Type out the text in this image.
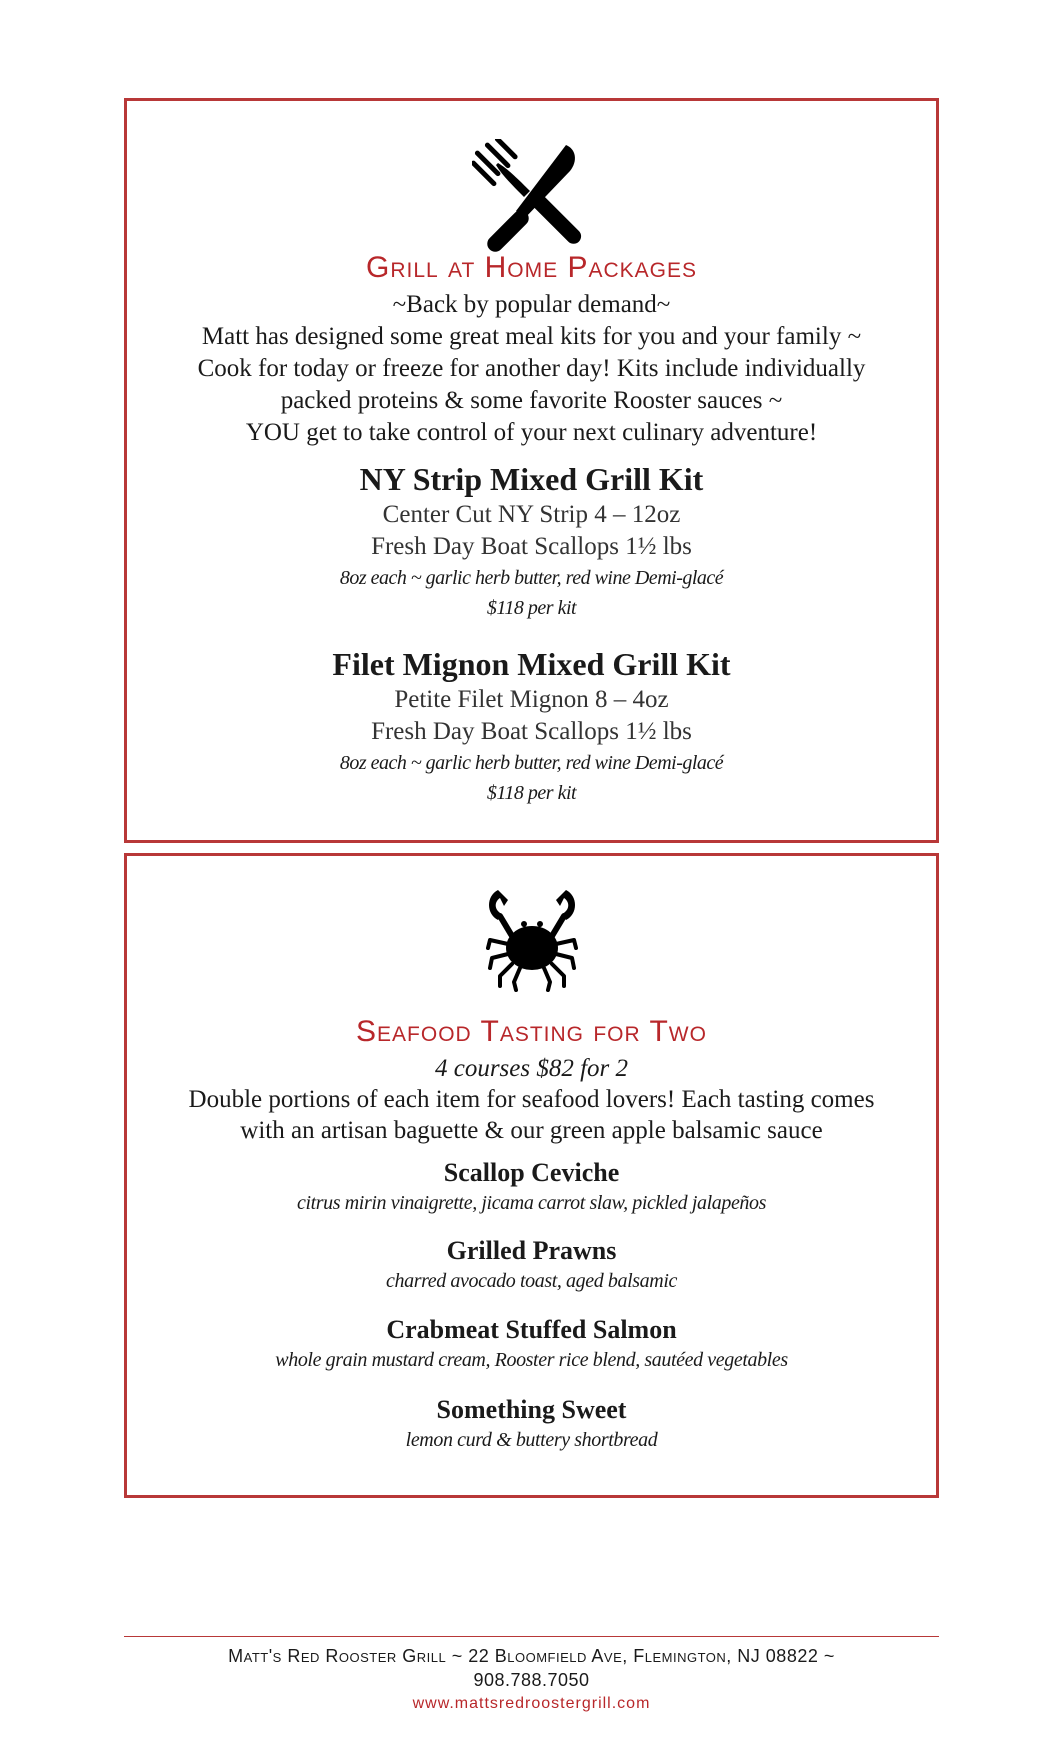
Grill at Home Packages
~Back by popular demand~
Matt has designed some great meal kits for you and your family ~
Cook for today or freeze for another day! Kits include individually
packed proteins & some favorite Rooster sauces ~
YOU get to take control of your next culinary adventure!
NY Strip Mixed Grill Kit
Center Cut NY Strip 4 – 12oz
Fresh Day Boat Scallops 1½ lbs
8oz each ~ garlic herb butter, red wine Demi-glacé
$118 per kit
Filet Mignon Mixed Grill Kit
Petite Filet Mignon 8 – 4oz
Fresh Day Boat Scallops 1½ lbs
8oz each ~ garlic herb butter, red wine Demi-glacé
$118 per kit
Seafood Tasting for Two
4 courses $82 for 2
Double portions of each item for seafood lovers! Each tasting comes
with an artisan baguette & our green apple balsamic sauce
Scallop Ceviche
citrus mirin vinaigrette, jicama carrot slaw, pickled jalapeños
Grilled Prawns
charred avocado toast, aged balsamic
Crabmeat Stuffed Salmon
whole grain mustard cream, Rooster rice blend, sautéed vegetables
Something Sweet
lemon curd & buttery shortbread
Matt's Red Rooster Grill ~ 22 Bloomfield Ave, Flemington, NJ 08822 ~
908.788.7050
www.mattsredroostergrill.com
